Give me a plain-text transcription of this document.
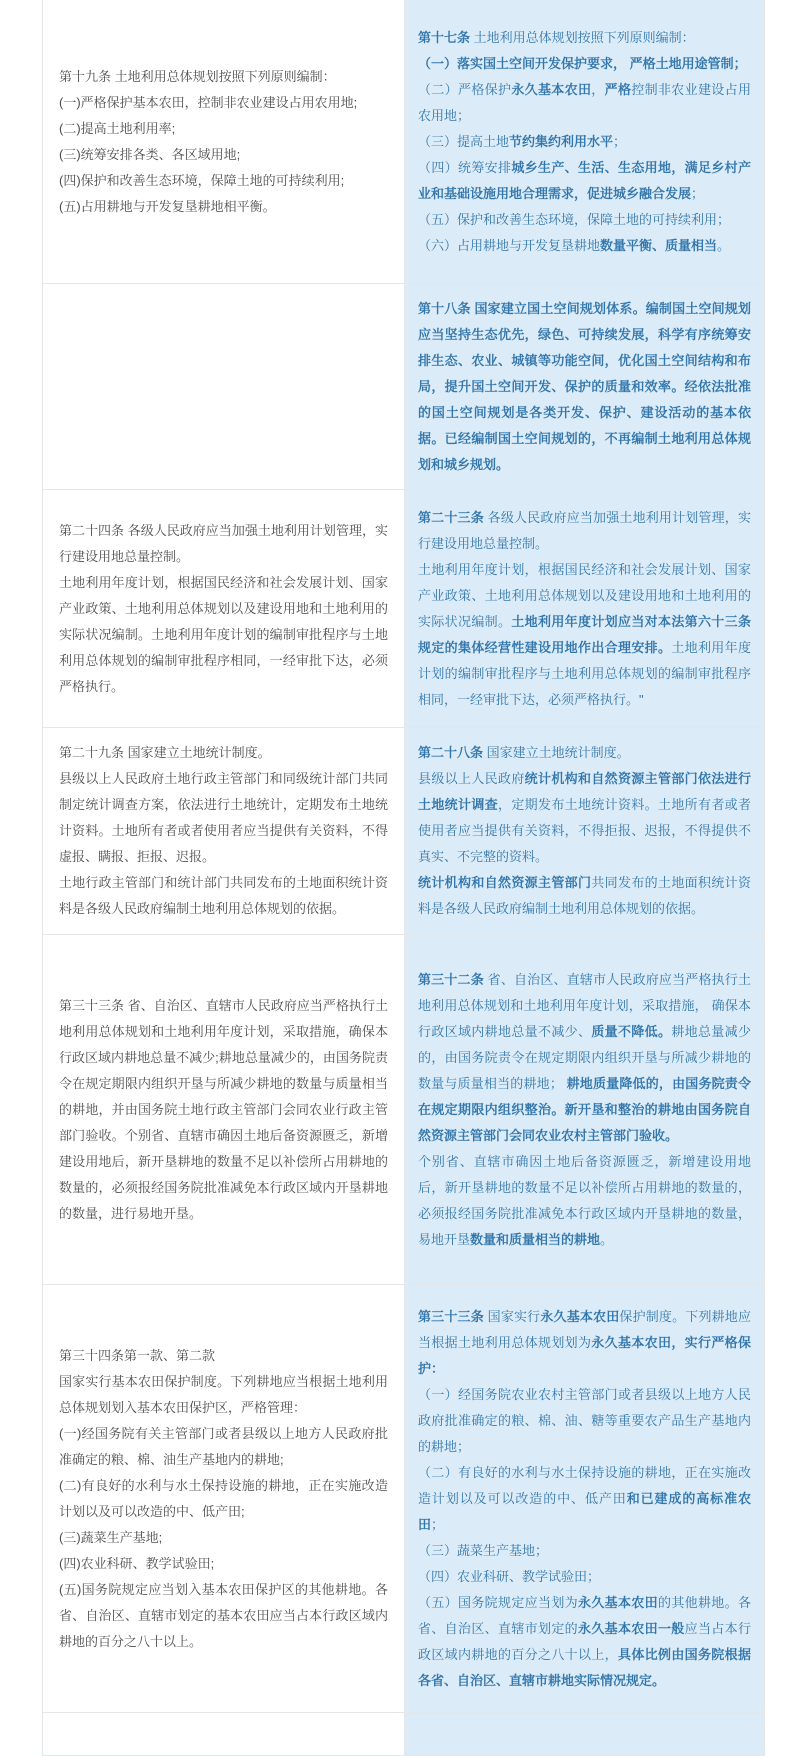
第十九条 土地利用总体规划按照下列原则编制：

(一)严格保护基本农田，控制非农业建设占用农用地;

(二)提高土地利用率;

(三)统筹安排各类、各区域用地;

(四)保护和改善生态环境，保障土地的可持续利用;

(五)占用耕地与开发复垦耕地相平衡。

第十七条 土地利用总体规划按照下列原则编制：

（一）落实国土空间开发保护要求， 严格土地用途管制；

（二）严格保护永久基本农田，严格控制非农业建设占用农用地；

（三）提高土地节约集约利用水平；

（四）统筹安排城乡生产、生活、生态用地，满足乡村产业和基础设施用地合理需求，促进城乡融合发展；

（五）保护和改善生态环境，保障土地的可持续利用；

（六）占用耕地与开发复垦耕地数量平衡、质量相当。

第十八条 国家建立国土空间规划体系。编制国土空间规划应当坚持生态优先，绿色、可持续发展，科学有序统筹安排生态、农业、城镇等功能空间，优化国土空间结构和布局，提升国土空间开发、保护的质量和效率。经依法批准的国土空间规划是各类开发、保护、建设活动的基本依据。已经编制国土空间规划的，不再编制土地利用总体规划和城乡规划。

第二十四条 各级人民政府应当加强土地利用计划管理，实行建设用地总量控制。

土地利用年度计划，根据国民经济和社会发展计划、国家产业政策、土地利用总体规划以及建设用地和土地利用的实际状况编制。土地利用年度计划的编制审批程序与土地利用总体规划的编制审批程序相同，一经审批下达，必须严格执行。

第二十三条 各级人民政府应当加强土地利用计划管理，实行建设用地总量控制。

土地利用年度计划，根据国民经济和社会发展计划、国家产业政策、土地利用总体规划以及建设用地和土地利用的实际状况编制。土地利用年度计划应当对本法第六十三条规定的集体经营性建设用地作出合理安排。土地利用年度计划的编制审批程序与土地利用总体规划的编制审批程序相同，一经审批下达，必须严格执行。"

第二十九条 国家建立土地统计制度。

县级以上人民政府土地行政主管部门和同级统计部门共同制定统计调查方案，依法进行土地统计，定期发布土地统计资料。土地所有者或者使用者应当提供有关资料，不得虚报、瞒报、拒报、迟报。

土地行政主管部门和统计部门共同发布的土地面积统计资料是各级人民政府编制土地利用总体规划的依据。

第二十八条 国家建立土地统计制度。

县级以上人民政府统计机构和自然资源主管部门依法进行土地统计调查，定期发布土地统计资料。土地所有者或者使用者应当提供有关资料，不得拒报、迟报，不得提供不真实、不完整的资料。

统计机构和自然资源主管部门共同发布的土地面积统计资料是各级人民政府编制土地利用总体规划的依据。

第三十三条 省、自治区、直辖市人民政府应当严格执行土地利用总体规划和土地利用年度计划，采取措施，确保本行政区域内耕地总量不减少;耕地总量减少的，由国务院责令在规定期限内组织开垦与所减少耕地的数量与质量相当的耕地，并由国务院土地行政主管部门会同农业行政主管部门验收。个别省、直辖市确因土地后备资源匮乏，新增建设用地后，新开垦耕地的数量不足以补偿所占用耕地的数量的，必须报经国务院批准减免本行政区域内开垦耕地的数量，进行易地开垦。

第三十二条 省、自治区、直辖市人民政府应当严格执行土地利用总体规划和土地利用年度计划，采取措施， 确保本行政区域内耕地总量不减少、质量不降低。耕地总量减少的，由国务院责令在规定期限内组织开垦与所减少耕地的数量与质量相当的耕地； 耕地质量降低的，由国务院责令在规定期限内组织整治。新开垦和整治的耕地由国务院自然资源主管部门会同农业农村主管部门验收。

个别省、直辖市确因土地后备资源匮乏，新增建设用地后，新开垦耕地的数量不足以补偿所占用耕地的数量的，必须报经国务院批准减免本行政区域内开垦耕地的数量，易地开垦数量和质量相当的耕地。

第三十四条第一款、第二款

国家实行基本农田保护制度。下列耕地应当根据土地利用总体规划划入基本农田保护区，严格管理：

(一)经国务院有关主管部门或者县级以上地方人民政府批准确定的粮、棉、油生产基地内的耕地;

(二)有良好的水利与水土保持设施的耕地，正在实施改造计划以及可以改造的中、低产田;

(三)蔬菜生产基地;

(四)农业科研、教学试验田;

(五)国务院规定应当划入基本农田保护区的其他耕地。各省、自治区、直辖市划定的基本农田应当占本行政区域内耕地的百分之八十以上。

第三十三条 国家实行永久基本农田保护制度。下列耕地应当根据土地利用总体规划划为永久基本农田，实行严格保护：

（一）经国务院农业农村主管部门或者县级以上地方人民政府批准确定的粮、棉、油、糖等重要农产品生产基地内的耕地；

（二）有良好的水利与水土保持设施的耕地，正在实施改造计划以及可以改造的中、低产田和已建成的高标准农田；

（三）蔬菜生产基地；

（四）农业科研、教学试验田；

（五）国务院规定应当划为永久基本农田的其他耕地。各省、自治区、直辖市划定的永久基本农田一般应当占本行政区域内耕地的百分之八十以上，具体比例由国务院根据各省、自治区、直辖市耕地实际情况规定。
